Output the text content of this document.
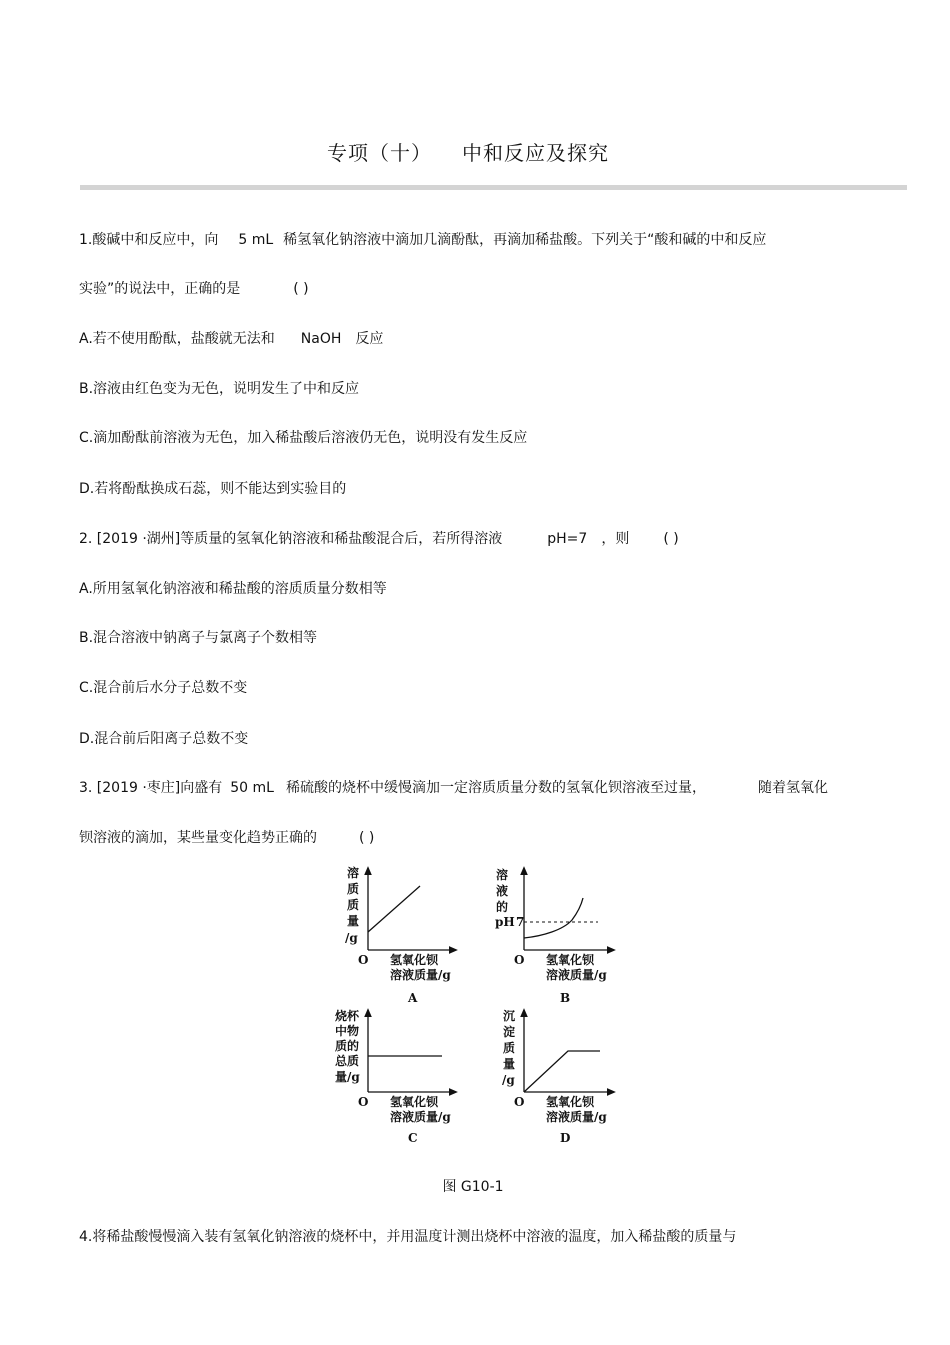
专项（十） 中和反应及探究
1.酸碱中和反应中，向 5 mL 稀氢氧化钠溶液中滴加几滴酚酞，再滴加稀盐酸。下列关于“酸和碱的中和反应
实验”的说法中，正确的是	( )
A.若不使用酚酞，盐酸就无法和 NaOH 反应
B.溶液由红色变为无色，说明发生了中和反应
C.滴加酚酞前溶液为无色，加入稀盐酸后溶液仍无色，说明没有发生反应
D.若将酚酞换成石蕊，则不能达到实验目的
2. [2019 ·湖州]等质量的氢氧化钠溶液和稀盐酸混合后，若所得溶液	pH=7 ，则 ( )
A.所用氢氧化钠溶液和稀盐酸的溶质质量分数相等
B.混合溶液中钠离子与氯离子个数相等
C.混合前后水分子总数不变
D.混合前后阳离子总数不变
3. [2019 ·枣庄]向盛有 50 mL 稀硫酸的烧杯中缓慢滴加一定溶质质量分数的氢氧化钡溶液至过量，	随着氢氧化
钡溶液的滴加，某些量变化趋势正确的	( )
溶
质
质
量
/g
O 氢氧化钡
溶液质量/g
A
溶
液
的
pH 7
O 氢氧化钡
溶液质量/g
B
烧杯
中物
质的
总质
量/g
O 氢氧化钡
溶液质量/g
C
沉
淀
质
量
/g
O 氢氧化钡
溶液质量/g
D
图 G10-1
4.将稀盐酸慢慢滴入装有氢氧化钠溶液的烧杯中，并用温度计测出烧杯中溶液的温度，加入稀盐酸的质量与
